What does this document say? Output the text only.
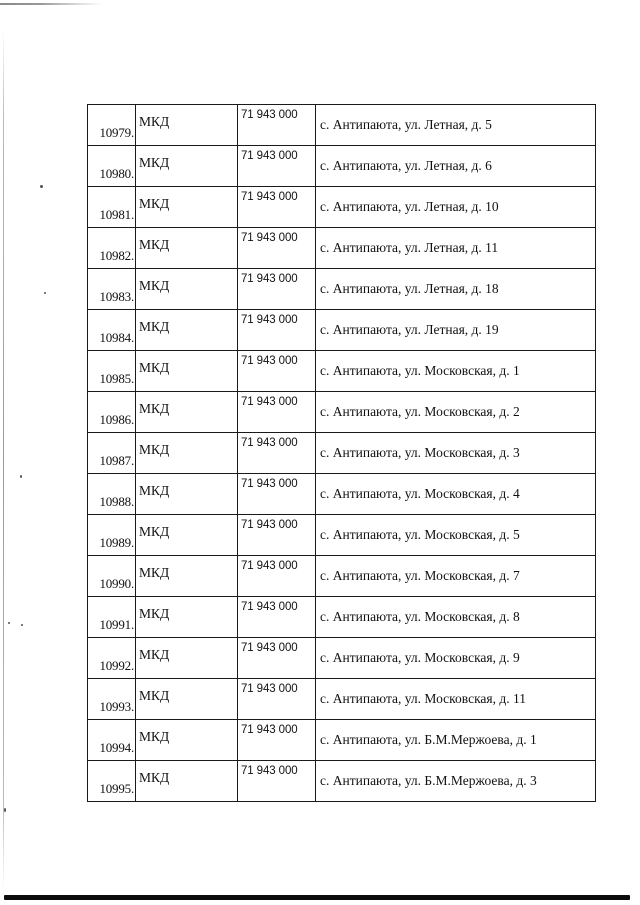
10979.	МКД	71 943 000	с. Антипаюта, ул. Летная, д. 5

10980.	МКД	71 943 000	с. Антипаюта, ул. Летная, д. 6

10981.	МКД	71 943 000	с. Антипаюта, ул. Летная, д. 10

10982.	МКД	71 943 000	с. Антипаюта, ул. Летная, д. 11

10983.	МКД	71 943 000	с. Антипаюта, ул. Летная, д. 18

10984.	МКД	71 943 000	с. Антипаюта, ул. Летная, д. 19

10985.	МКД	71 943 000	с. Антипаюта, ул. Московская, д. 1

10986.	МКД	71 943 000	с. Антипаюта, ул. Московская, д. 2

10987.	МКД	71 943 000	с. Антипаюта, ул. Московская, д. 3

10988.	МКД	71 943 000	с. Антипаюта, ул. Московская, д. 4

10989.	МКД	71 943 000	с. Антипаюта, ул. Московская, д. 5

10990.	МКД	71 943 000	с. Антипаюта, ул. Московская, д. 7

10991.	МКД	71 943 000	с. Антипаюта, ул. Московская, д. 8

10992.	МКД	71 943 000	с. Антипаюта, ул. Московская, д. 9

10993.	МКД	71 943 000	с. Антипаюта, ул. Московская, д. 11

10994.	МКД	71 943 000	с. Антипаюта, ул. Б.М.Мержоева, д. 1

10995.	МКД	71 943 000	с. Антипаюта, ул. Б.М.Мержоева, д. 3
